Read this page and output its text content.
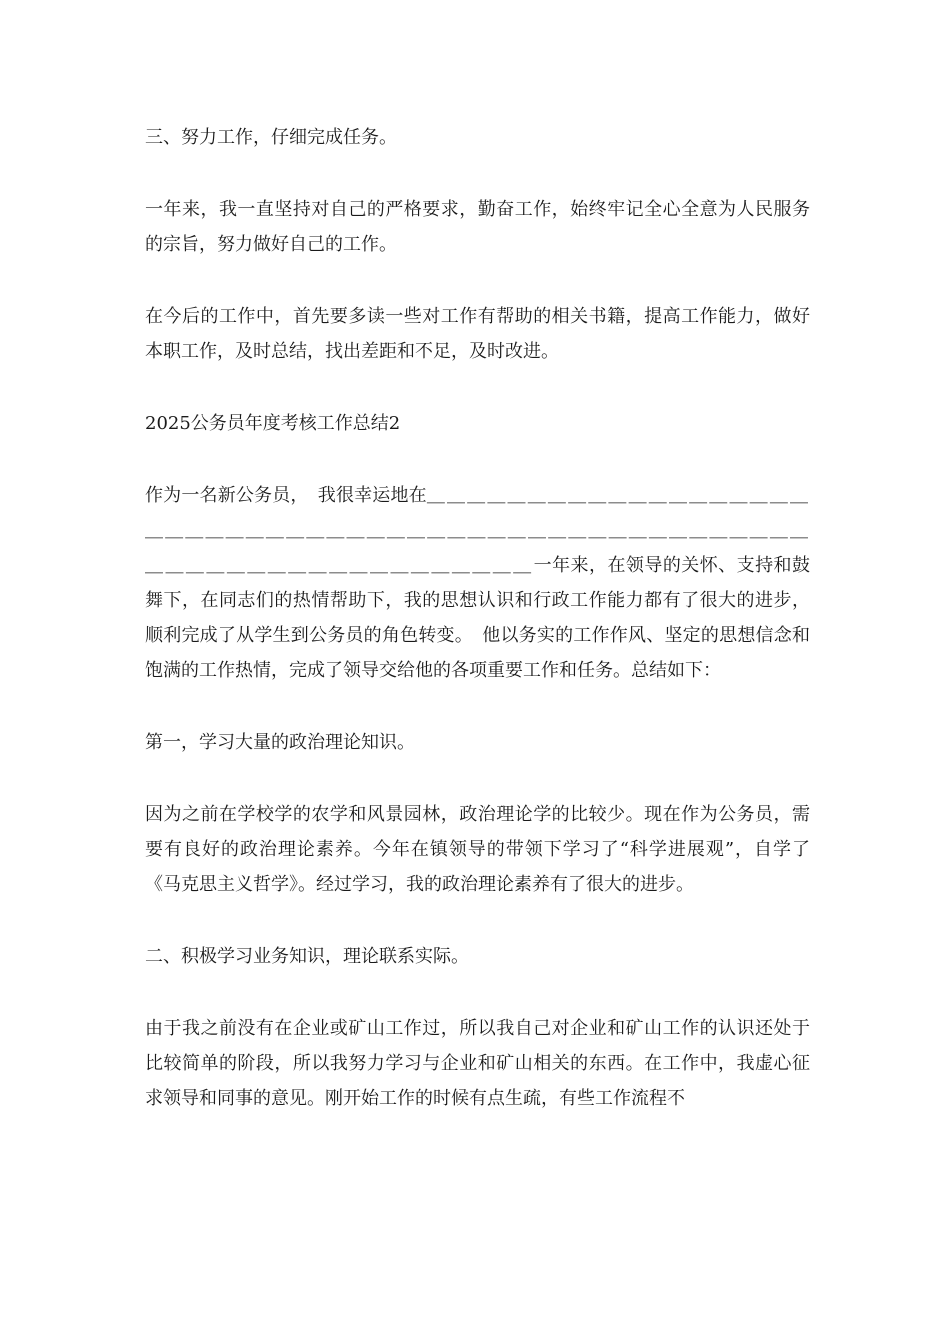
三、努力工作，仔细完成任务。

一年来，我一直坚持对自己的严格要求，勤奋工作，始终牢记全心全意为人民服务的宗旨，努力做好自己的工作。

在今后的工作中，首先要多读一些对工作有帮助的相关书籍，提高工作能力，做好本职工作，及时总结，找出差距和不足，及时改进。

2025公务员年度考核工作总结2

作为一名新公务员，　我很幸运地在＿＿＿＿＿＿＿＿＿＿＿＿＿＿＿＿＿＿＿＿＿＿＿＿＿＿＿＿＿＿＿＿＿＿＿＿＿＿＿＿＿＿＿＿＿＿＿＿＿＿＿＿＿＿＿＿＿＿＿＿＿＿＿＿＿＿＿＿＿＿＿一年来，在领导的关怀、支持和鼓舞下，在同志们的热情帮助下，我的思想认识和行政工作能力都有了很大的进步，顺利完成了从学生到公务员的角色转变。　他以务实的工作作风、坚定的思想信念和饱满的工作热情，完成了领导交给他的各项重要工作和任务。总结如下：

第一，学习大量的政治理论知识。

因为之前在学校学的农学和风景园林，政治理论学的比较少。现在作为公务员，需要有良好的政治理论素养。今年在镇领导的带领下学习了“科学进展观”，自学了《马克思主义哲学》。经过学习，我的政治理论素养有了很大的进步。

二、积极学习业务知识，理论联系实际。

由于我之前没有在企业或矿山工作过，所以我自己对企业和矿山工作的认识还处于比较简单的阶段，所以我努力学习与企业和矿山相关的东西。在工作中，我虚心征求领导和同事的意见。刚开始工作的时候有点生疏，有些工作流程不
